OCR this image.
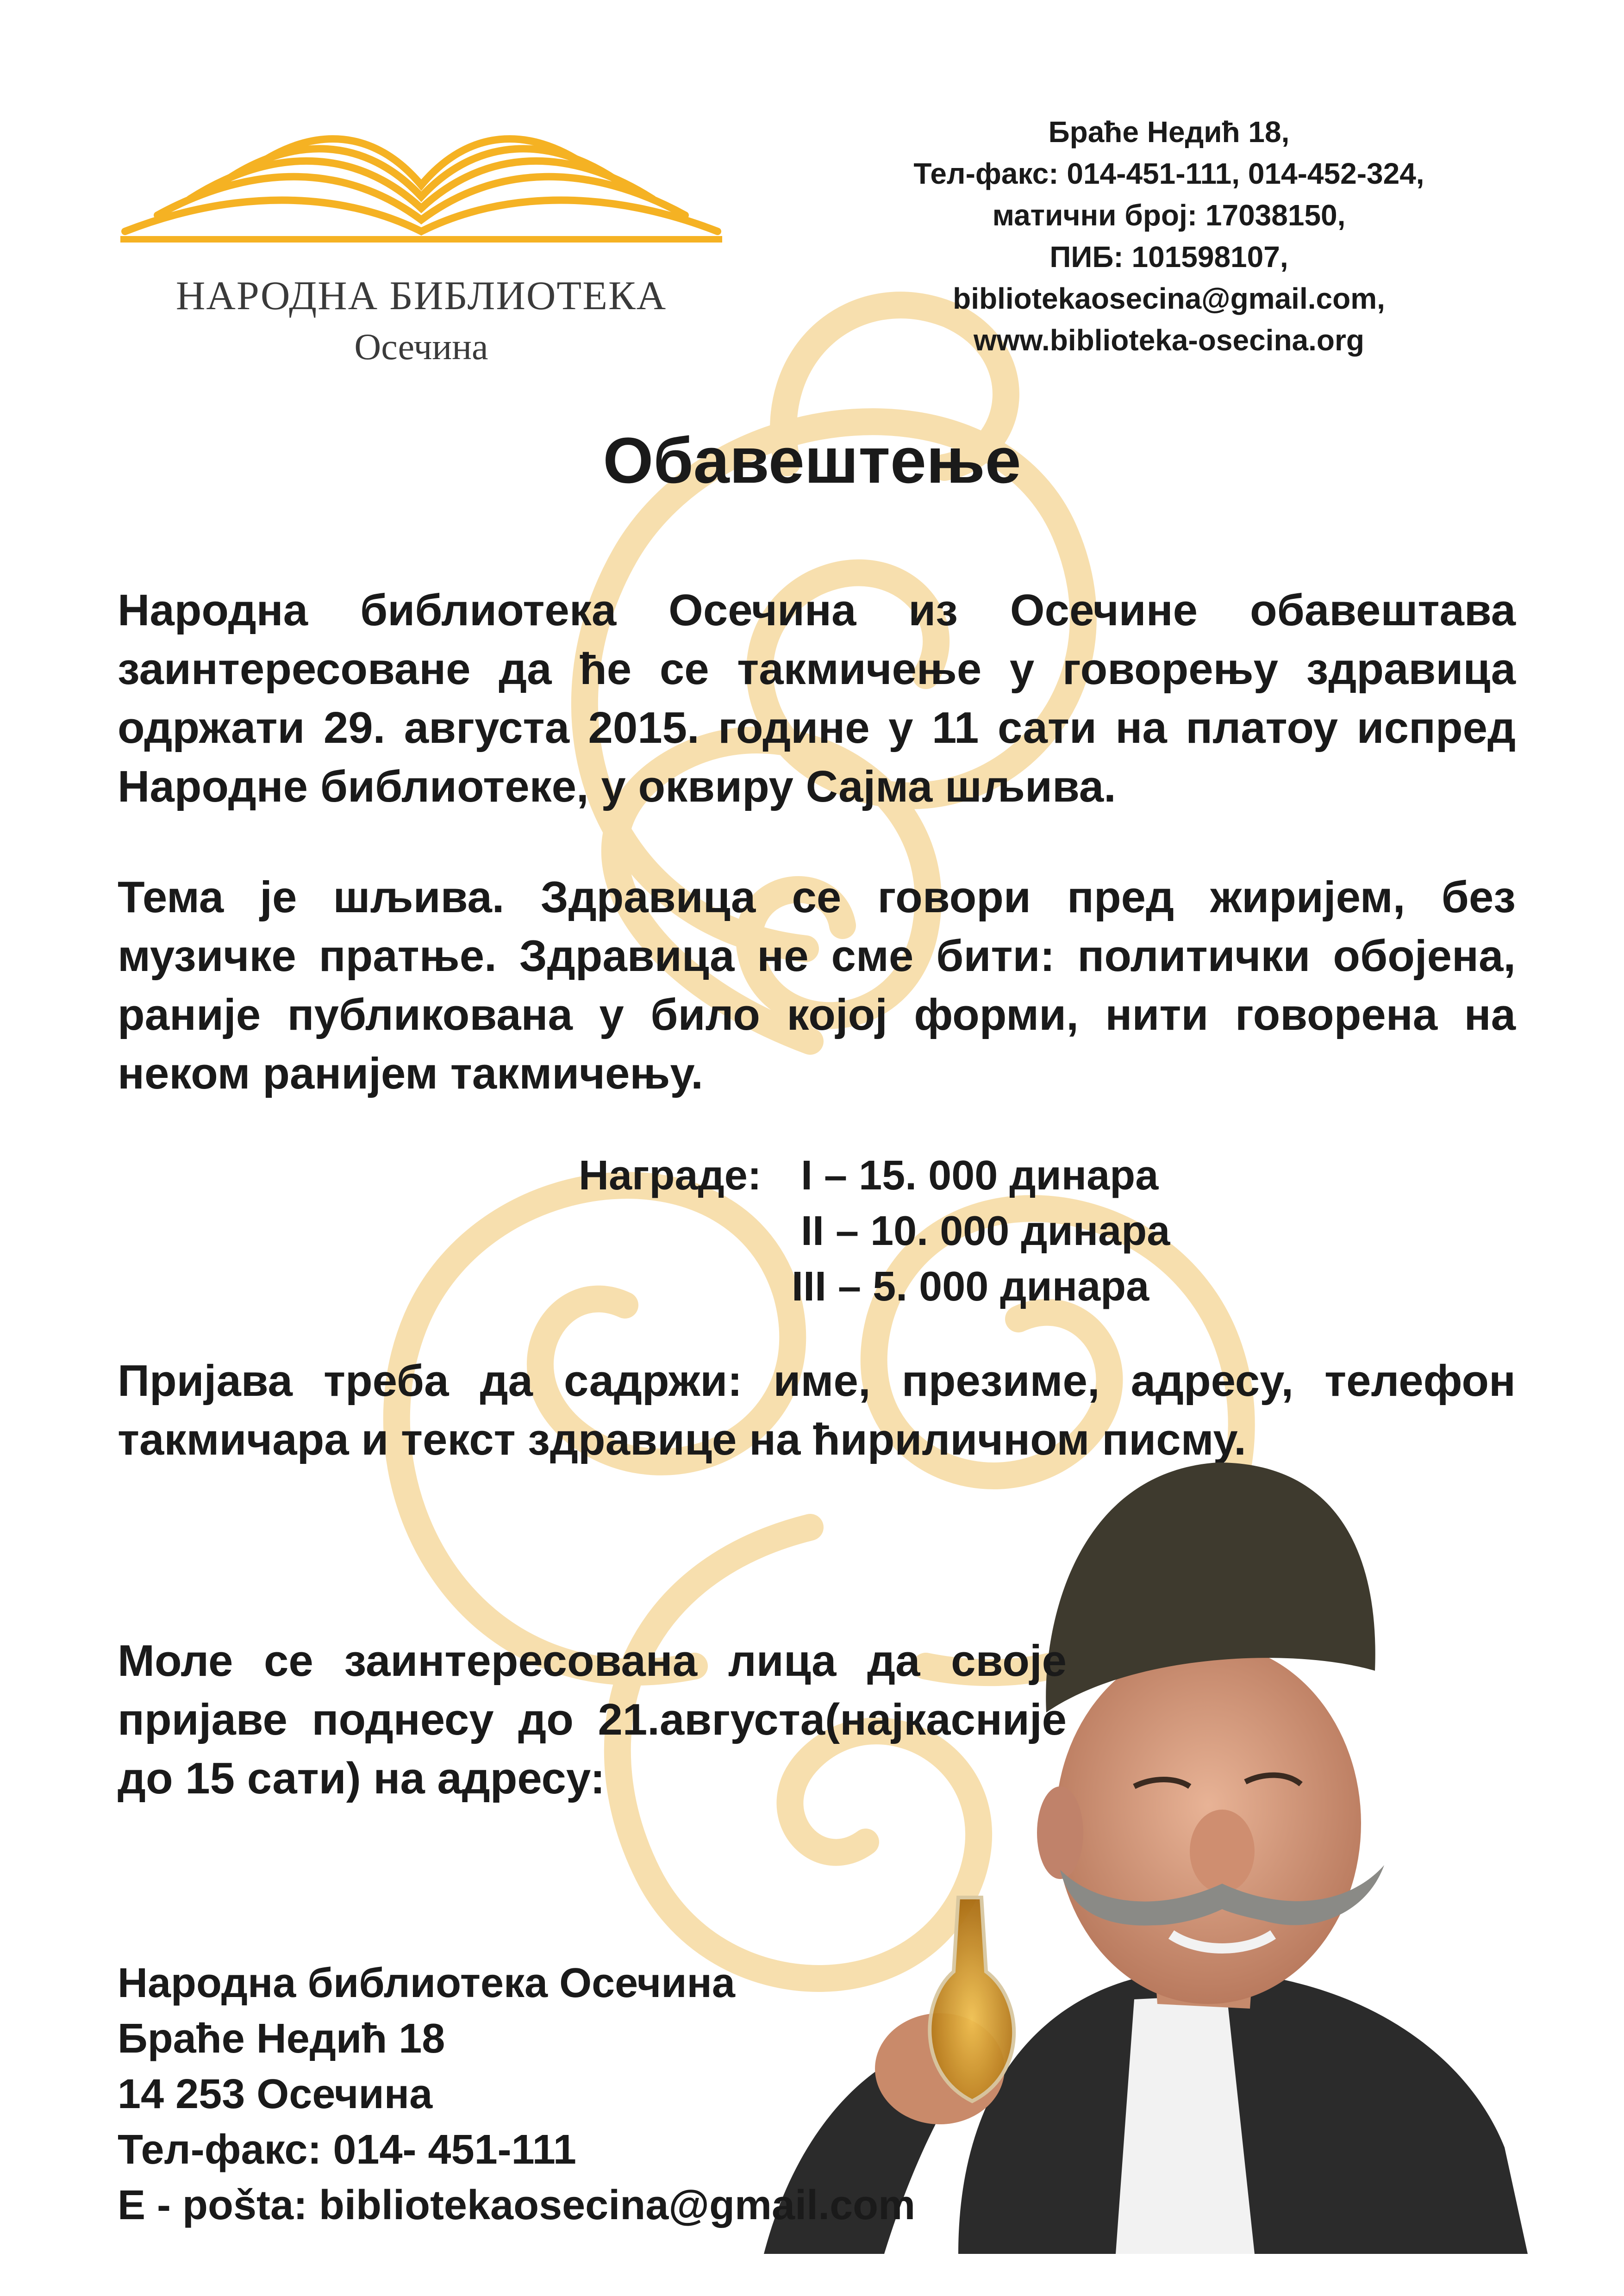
НАРОДНА БИБЛИОТЕКА
Осечина
Браће Недић 18,
Тел-факс: 014-451-111, 014-452-324,
матични број: 17038150,
ПИБ: 101598107,
bibliotekaosecina@gmail.com,
www.biblioteka-osecina.org
Обавештење
Народна библиотека Осечина из Осечине обавештава заинтересоване да ће се такмичење у говорењу здравица одржати 29. августа 2015. године у 11 сати на платоу испред Народне библиотеке, у оквиру Сајма шљива.
Тема је шљива. Здравица се говори пред жиријем, без музичке пратње. Здравица не сме бити: политички обојена, раније публикована у било којој форми, нити говорена на неком ранијем такмичењу.
Награде: I – 15. 000 динара
II – 10. 000 динара
III – 5. 000 динара
Пријава треба да садржи: име, презиме, адресу, телефон такмичара и текст здравице на ћириличном писму.
Моле се заинтересована лица да своје пријаве поднесу до 21.августа(најкасније до 15 сати) на адресу:
Народна библиотека Осечина
Браће Недић 18
14 253 Осечина
Тел-факс: 014- 451-111
E - pošta: bibliotekaosecina@gmail.com
